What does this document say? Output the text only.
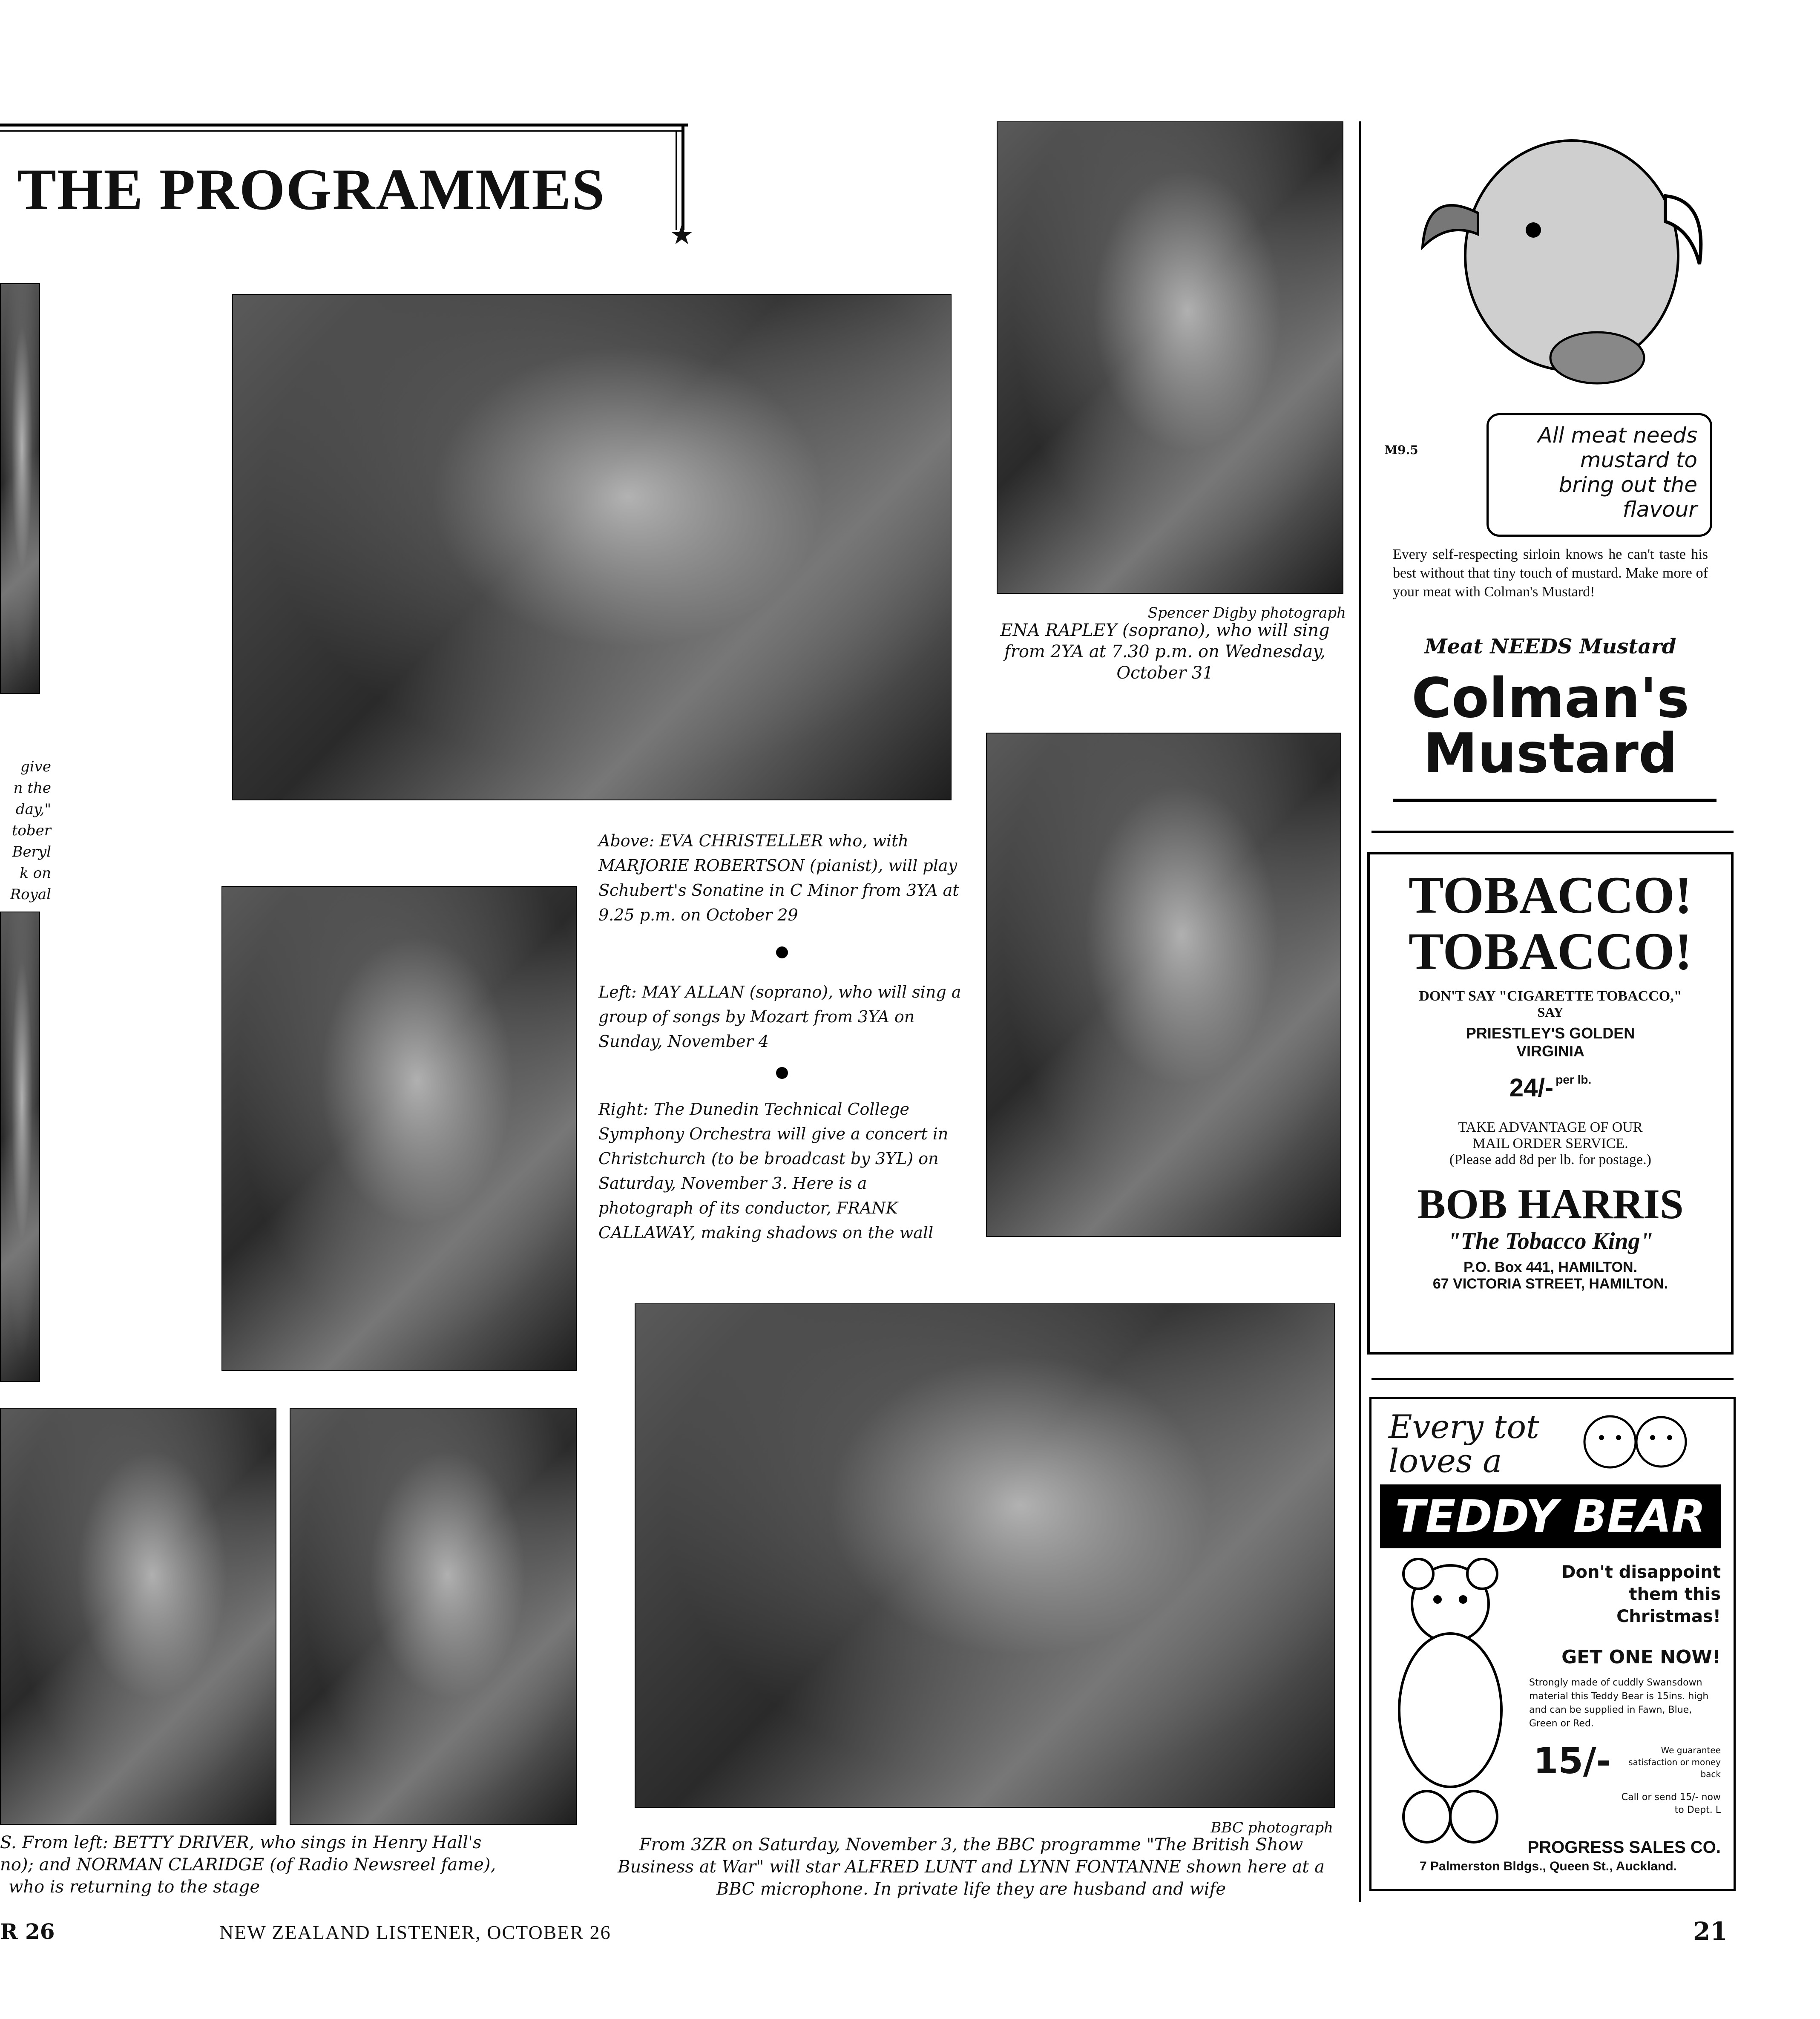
★
THE PROGRAMMES
give
n the
day,"
tober
Beryl
k on
Royal
Spencer Digby photograph
ENA RAPLEY (soprano), who will sing from 2YA at 7.30 p.m. on Wednesday, October 31
Above: EVA CHRISTELLER who, with MARJORIE ROBERTSON (pianist), will play Schubert's Sonatine in C Minor from 3YA at 9.25 p.m. on October 29
Left: MAY ALLAN (soprano), who will sing a group of songs by Mozart from 3YA on Sunday, November 4
Right: The Dunedin Technical College Symphony Orchestra will give a concert in Christchurch (to be broadcast by 3YL) on Saturday, November 3. Here is a photograph of its conductor, FRANK CALLAWAY, making shadows on the wall
S. From left: BETTY DRIVER, who sings in Henry Hall's
no); and NORMAN CLARIDGE (of Radio Newsreel fame),
who is returning to the stage
BBC photograph
From 3ZR on Saturday, November 3, the BBC programme "The British Show Business at War" will star ALFRED LUNT and LYNN FONTANNE shown here at a BBC microphone. In private life they are husband and wife
R 26	NEW ZEALAND LISTENER, OCTOBER 26	21
M9.5
All meat needs
mustard to
bring out the
flavour
Every self-respecting sirloin knows he can't taste his best without that tiny touch of mustard. Make more of your meat with Colman's Mustard!
Meat NEEDS Mustard
Colman's
Mustard
TOBACCO!
TOBACCO!
DON'T SAY "CIGARETTE TOBACCO,"
SAY
PRIESTLEY'S GOLDEN
VIRGINIA
24/- per lb.
TAKE ADVANTAGE OF OUR
MAIL ORDER SERVICE.
(Please add 8d per lb. for postage.)
BOB HARRIS
"The Tobacco King"
P.O. Box 441, HAMILTON.
67 VICTORIA STREET, HAMILTON.
Every tot
loves a
TEDDY BEAR
Don't disappoint
them this
Christmas!
GET ONE NOW!
Strongly made of cuddly Swansdown material this Teddy Bear is 15ins. high and can be supplied in Fawn, Blue, Green or Red.
15/-	We guarantee satisfaction or money back
Call or send 15/- now to Dept. L
PROGRESS SALES CO.
7 Palmerston Bldgs., Queen St., Auckland.
